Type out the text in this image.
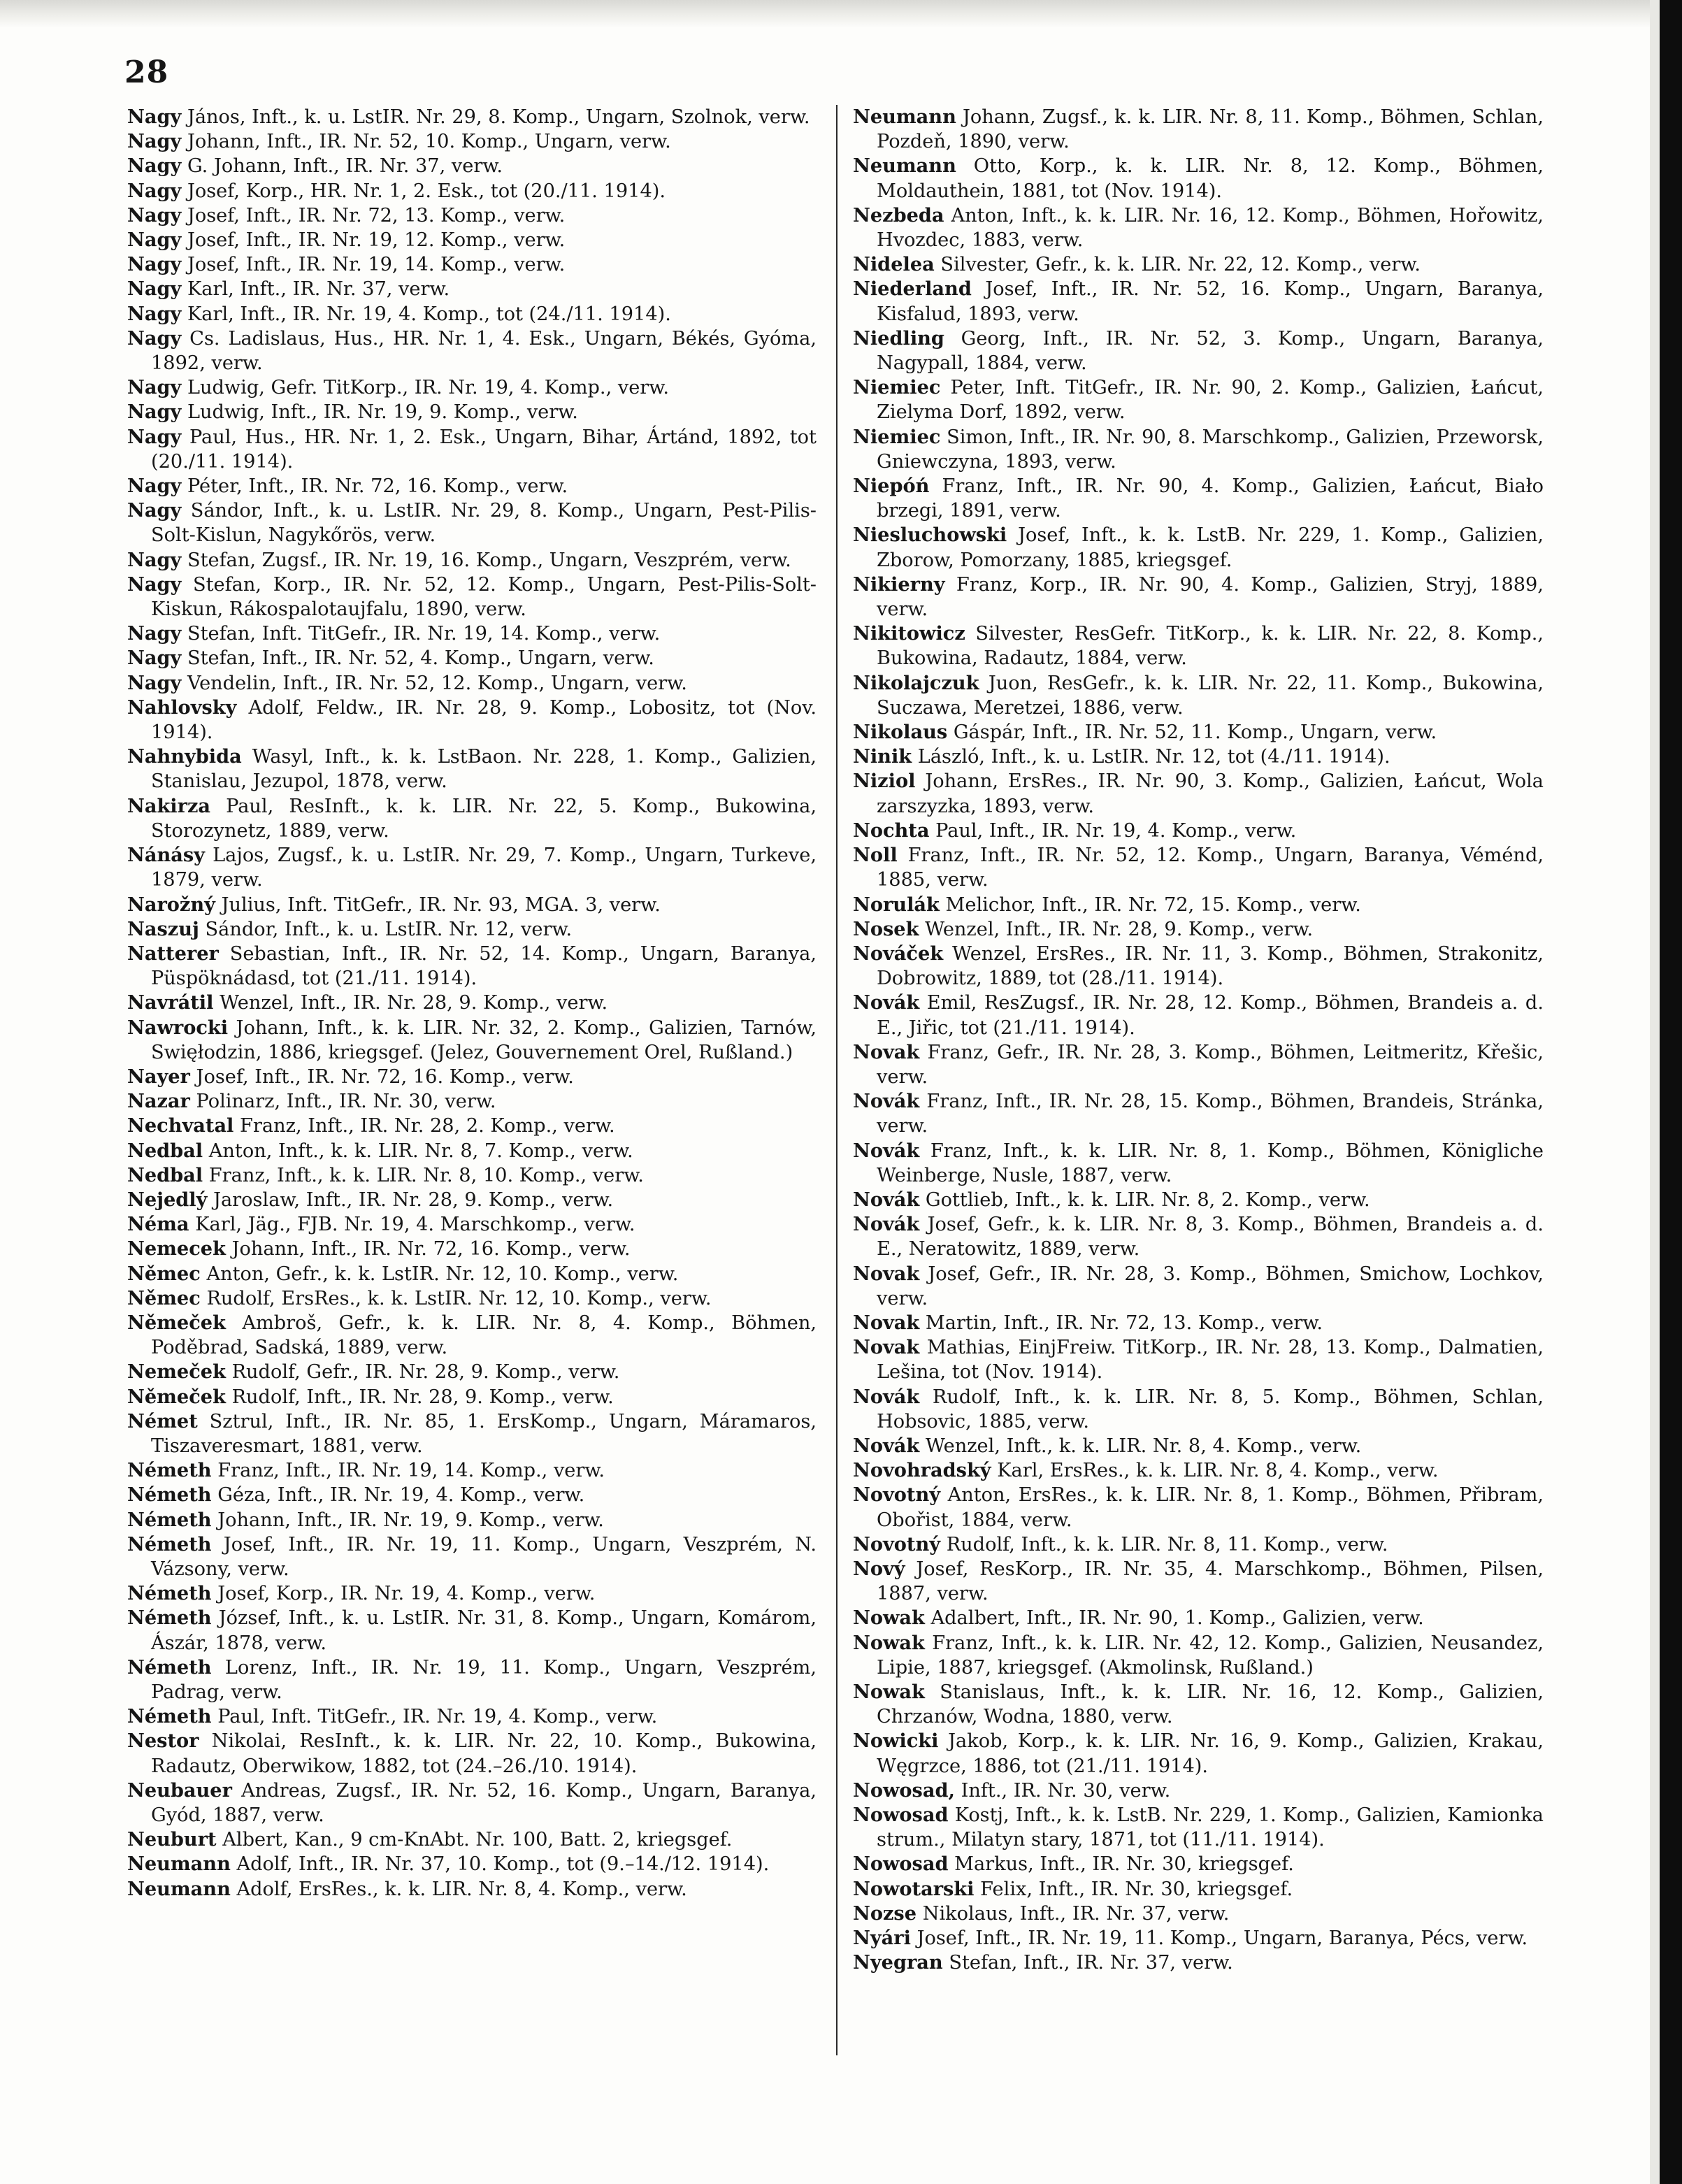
28

Nagy János, Inft., k. u. LstIR. Nr. 29, 8. Komp., Ungarn, Szolnok, verw.

Nagy Johann, Inft., IR. Nr. 52, 10. Komp., Ungarn, verw.

Nagy G. Johann, Inft., IR. Nr. 37, verw.

Nagy Josef, Korp., HR. Nr. 1, 2. Esk., tot (20./11. 1914).

Nagy Josef, Inft., IR. Nr. 72, 13. Komp., verw.

Nagy Josef, Inft., IR. Nr. 19, 12. Komp., verw.

Nagy Josef, Inft., IR. Nr. 19, 14. Komp., verw.

Nagy Karl, Inft., IR. Nr. 37, verw.

Nagy Karl, Inft., IR. Nr. 19, 4. Komp., tot (24./11. 1914).

Nagy Cs. Ladislaus, Hus., HR. Nr. 1, 4. Esk., Ungarn, Békés, Gyóma, 1892, verw.

Nagy Ludwig, Gefr. TitKorp., IR. Nr. 19, 4. Komp., verw.

Nagy Ludwig, Inft., IR. Nr. 19, 9. Komp., verw.

Nagy Paul, Hus., HR. Nr. 1, 2. Esk., Ungarn, Bihar, Ártánd, 1892, tot (20./11. 1914).

Nagy Péter, Inft., IR. Nr. 72, 16. Komp., verw.

Nagy Sándor, Inft., k. u. LstIR. Nr. 29, 8. Komp., Ungarn, Pest-Pilis-Solt-Kislun, Nagykőrös, verw.

Nagy Stefan, Zugsf., IR. Nr. 19, 16. Komp., Ungarn, Veszprém, verw.

Nagy Stefan, Korp., IR. Nr. 52, 12. Komp., Ungarn, Pest-Pilis-Solt-Kiskun, Rákospalotaujfalu, 1890, verw.

Nagy Stefan, Inft. TitGefr., IR. Nr. 19, 14. Komp., verw.

Nagy Stefan, Inft., IR. Nr. 52, 4. Komp., Ungarn, verw.

Nagy Vendelin, Inft., IR. Nr. 52, 12. Komp., Ungarn, verw.

Nahlovsky Adolf, Feldw., IR. Nr. 28, 9. Komp., Lobositz, tot (Nov. 1914).

Nahnybida Wasyl, Inft., k. k. LstBaon. Nr. 228, 1. Komp., Galizien, Stanislau, Jezupol, 1878, verw.

Nakirza Paul, ResInft., k. k. LIR. Nr. 22, 5. Komp., Bukowina, Storozynetz, 1889, verw.

Nánásy Lajos, Zugsf., k. u. LstIR. Nr. 29, 7. Komp., Ungarn, Turkeve, 1879, verw.

Narožný Julius, Inft. TitGefr., IR. Nr. 93, MGA. 3, verw.

Naszuj Sándor, Inft., k. u. LstIR. Nr. 12, verw.

Natterer Sebastian, Inft., IR. Nr. 52, 14. Komp., Ungarn, Baranya, Püspöknádasd, tot (21./11. 1914).

Navrátil Wenzel, Inft., IR. Nr. 28, 9. Komp., verw.

Nawrocki Johann, Inft., k. k. LIR. Nr. 32, 2. Komp., Galizien, Tarnów, Swięłodzin, 1886, kriegsgef. (Jelez, Gouvernement Orel, Rußland.)

Nayer Josef, Inft., IR. Nr. 72, 16. Komp., verw.

Nazar Polinarz, Inft., IR. Nr. 30, verw.

Nechvatal Franz, Inft., IR. Nr. 28, 2. Komp., verw.

Nedbal Anton, Inft., k. k. LIR. Nr. 8, 7. Komp., verw.

Nedbal Franz, Inft., k. k. LIR. Nr. 8, 10. Komp., verw.

Nejedlý Jaroslaw, Inft., IR. Nr. 28, 9. Komp., verw.

Néma Karl, Jäg., FJB. Nr. 19, 4. Marschkomp., verw.

Nemecek Johann, Inft., IR. Nr. 72, 16. Komp., verw.

Němec Anton, Gefr., k. k. LstIR. Nr. 12, 10. Komp., verw.

Němec Rudolf, ErsRes., k. k. LstIR. Nr. 12, 10. Komp., verw.

Němeček Ambroš, Gefr., k. k. LIR. Nr. 8, 4. Komp., Böhmen, Poděbrad, Sadská, 1889, verw.

Nemeček Rudolf, Gefr., IR. Nr. 28, 9. Komp., verw.

Němeček Rudolf, Inft., IR. Nr. 28, 9. Komp., verw.

Német Sztrul, Inft., IR. Nr. 85, 1. ErsKomp., Ungarn, Máramaros, Tiszaveresmart, 1881, verw.

Németh Franz, Inft., IR. Nr. 19, 14. Komp., verw.

Németh Géza, Inft., IR. Nr. 19, 4. Komp., verw.

Németh Johann, Inft., IR. Nr. 19, 9. Komp., verw.

Németh Josef, Inft., IR. Nr. 19, 11. Komp., Ungarn, Veszprém, N. Vázsony, verw.

Németh Josef, Korp., IR. Nr. 19, 4. Komp., verw.

Németh József, Inft., k. u. LstIR. Nr. 31, 8. Komp., Ungarn, Komárom, Ászár, 1878, verw.

Németh Lorenz, Inft., IR. Nr. 19, 11. Komp., Ungarn, Veszprém, Padrag, verw.

Németh Paul, Inft. TitGefr., IR. Nr. 19, 4. Komp., verw.

Nestor Nikolai, ResInft., k. k. LIR. Nr. 22, 10. Komp., Bukowina, Radautz, Oberwikow, 1882, tot (24.–26./10. 1914).

Neubauer Andreas, Zugsf., IR. Nr. 52, 16. Komp., Ungarn, Baranya, Gyód, 1887, verw.

Neuburt Albert, Kan., 9 cm-KnAbt. Nr. 100, Batt. 2, kriegsgef.

Neumann Adolf, Inft., IR. Nr. 37, 10. Komp., tot (9.–14./12. 1914).

Neumann Adolf, ErsRes., k. k. LIR. Nr. 8, 4. Komp., verw.

Neumann Johann, Zugsf., k. k. LIR. Nr. 8, 11. Komp., Böhmen, Schlan, Pozdeň, 1890, verw.

Neumann Otto, Korp., k. k. LIR. Nr. 8, 12. Komp., Böhmen, Moldauthein, 1881, tot (Nov. 1914).

Nezbeda Anton, Inft., k. k. LIR. Nr. 16, 12. Komp., Böhmen, Hořowitz, Hvozdec, 1883, verw.

Nidelea Silvester, Gefr., k. k. LIR. Nr. 22, 12. Komp., verw.

Niederland Josef, Inft., IR. Nr. 52, 16. Komp., Ungarn, Baranya, Kisfalud, 1893, verw.

Niedling Georg, Inft., IR. Nr. 52, 3. Komp., Ungarn, Baranya, Nagypall, 1884, verw.

Niemiec Peter, Inft. TitGefr., IR. Nr. 90, 2. Komp., Galizien, Łańcut, Zielyma Dorf, 1892, verw.

Niemiec Simon, Inft., IR. Nr. 90, 8. Marschkomp., Galizien, Przeworsk, Gniewczyna, 1893, verw.

Niepóń Franz, Inft., IR. Nr. 90, 4. Komp., Galizien, Łańcut, Biało brzegi, 1891, verw.

Niesluchowski Josef, Inft., k. k. LstB. Nr. 229, 1. Komp., Galizien, Zborow, Pomorzany, 1885, kriegsgef.

Nikierny Franz, Korp., IR. Nr. 90, 4. Komp., Galizien, Stryj, 1889, verw.

Nikitowicz Silvester, ResGefr. TitKorp., k. k. LIR. Nr. 22, 8. Komp., Bukowina, Radautz, 1884, verw.

Nikolajczuk Juon, ResGefr., k. k. LIR. Nr. 22, 11. Komp., Bukowina, Suczawa, Meretzei, 1886, verw.

Nikolaus Gáspár, Inft., IR. Nr. 52, 11. Komp., Ungarn, verw.

Ninik László, Inft., k. u. LstIR. Nr. 12, tot (4./11. 1914).

Niziol Johann, ErsRes., IR. Nr. 90, 3. Komp., Galizien, Łańcut, Wola zarszyzka, 1893, verw.

Nochta Paul, Inft., IR. Nr. 19, 4. Komp., verw.

Noll Franz, Inft., IR. Nr. 52, 12. Komp., Ungarn, Baranya, Véménd, 1885, verw.

Norulák Melichor, Inft., IR. Nr. 72, 15. Komp., verw.

Nosek Wenzel, Inft., IR. Nr. 28, 9. Komp., verw.

Nováček Wenzel, ErsRes., IR. Nr. 11, 3. Komp., Böhmen, Strakonitz, Dobrowitz, 1889, tot (28./11. 1914).

Novák Emil, ResZugsf., IR. Nr. 28, 12. Komp., Böhmen, Brandeis a. d. E., Jiřic, tot (21./11. 1914).

Novak Franz, Gefr., IR. Nr. 28, 3. Komp., Böhmen, Leitmeritz, Křešic, verw.

Novák Franz, Inft., IR. Nr. 28, 15. Komp., Böhmen, Brandeis, Stránka, verw.

Novák Franz, Inft., k. k. LIR. Nr. 8, 1. Komp., Böhmen, Königliche Weinberge, Nusle, 1887, verw.

Novák Gottlieb, Inft., k. k. LIR. Nr. 8, 2. Komp., verw.

Novák Josef, Gefr., k. k. LIR. Nr. 8, 3. Komp., Böhmen, Brandeis a. d. E., Neratowitz, 1889, verw.

Novak Josef, Gefr., IR. Nr. 28, 3. Komp., Böhmen, Smichow, Lochkov, verw.

Novak Martin, Inft., IR. Nr. 72, 13. Komp., verw.

Novak Mathias, EinjFreiw. TitKorp., IR. Nr. 28, 13. Komp., Dalmatien, Lešina, tot (Nov. 1914).

Novák Rudolf, Inft., k. k. LIR. Nr. 8, 5. Komp., Böhmen, Schlan, Hobsovic, 1885, verw.

Novák Wenzel, Inft., k. k. LIR. Nr. 8, 4. Komp., verw.

Novohradský Karl, ErsRes., k. k. LIR. Nr. 8, 4. Komp., verw.

Novotný Anton, ErsRes., k. k. LIR. Nr. 8, 1. Komp., Böhmen, Přibram, Obořist, 1884, verw.

Novotný Rudolf, Inft., k. k. LIR. Nr. 8, 11. Komp., verw.

Nový Josef, ResKorp., IR. Nr. 35, 4. Marschkomp., Böhmen, Pilsen, 1887, verw.

Nowak Adalbert, Inft., IR. Nr. 90, 1. Komp., Galizien, verw.

Nowak Franz, Inft., k. k. LIR. Nr. 42, 12. Komp., Galizien, Neusandez, Lipie, 1887, kriegsgef. (Akmolinsk, Rußland.)

Nowak Stanislaus, Inft., k. k. LIR. Nr. 16, 12. Komp., Galizien, Chrzanów, Wodna, 1880, verw.

Nowicki Jakob, Korp., k. k. LIR. Nr. 16, 9. Komp., Galizien, Krakau, Węgrzce, 1886, tot (21./11. 1914).

Nowosad, Inft., IR. Nr. 30, verw.

Nowosad Kostj, Inft., k. k. LstB. Nr. 229, 1. Komp., Galizien, Kamionka strum., Milatyn stary, 1871, tot (11./11. 1914).

Nowosad Markus, Inft., IR. Nr. 30, kriegsgef.

Nowotarski Felix, Inft., IR. Nr. 30, kriegsgef.

Nozse Nikolaus, Inft., IR. Nr. 37, verw.

Nyári Josef, Inft., IR. Nr. 19, 11. Komp., Ungarn, Baranya, Pécs, verw.

Nyegran Stefan, Inft., IR. Nr. 37, verw.
